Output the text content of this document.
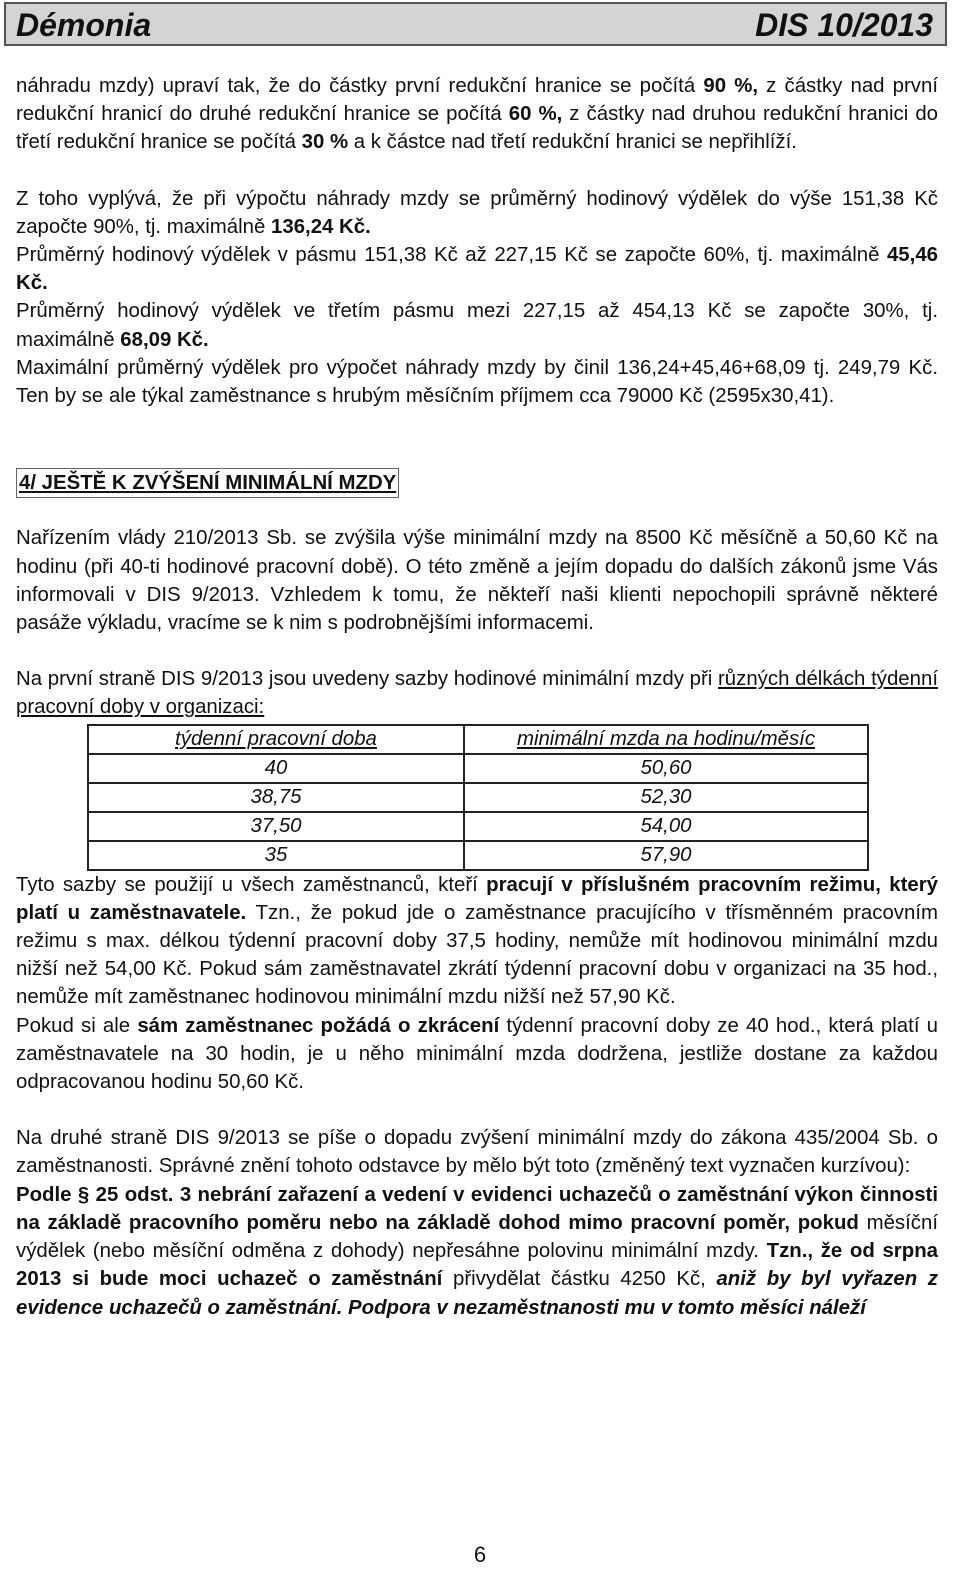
Démonia	DIS 10/2013

náhradu mzdy) upraví tak, že do částky první redukční hranice se počítá 90 %, z částky nad první redukční hranicí do druhé redukční hranice se počítá 60 %, z částky nad druhou redukční hranici do třetí redukční hranice se počítá 30 % a k částce nad třetí redukční hranici se nepřihlíží.

Z toho vyplývá, že při výpočtu náhrady mzdy se průměrný hodinový výdělek do výše 151,38 Kč započte 90%, tj. maximálně 136,24 Kč.

Průměrný hodinový výdělek v pásmu 151,38 Kč až 227,15 Kč se započte 60%, tj. maximálně 45,46 Kč.

Průměrný hodinový výdělek ve třetím pásmu mezi 227,15 až 454,13 Kč se započte 30%, tj. maximálně 68,09 Kč.

Maximální průměrný výdělek pro výpočet náhrady mzdy by činil 136,24+45,46+68,09 tj. 249,79 Kč. Ten by se ale týkal zaměstnance s hrubým měsíčním příjmem cca 79000 Kč (2595x30,41).

4/ JEŠTĚ K ZVÝŠENÍ MINIMÁLNÍ MZDY

Nařízením vlády 210/2013 Sb. se zvýšila výše minimální mzdy na 8500 Kč měsíčně a 50,60 Kč na hodinu (při 40-ti hodinové pracovní době). O této změně a jejím dopadu do dalších zákonů jsme Vás informovali v DIS 9/2013. Vzhledem k tomu, že někteří naši klienti nepochopili správně některé pasáže výkladu, vracíme se k nim s podrobnějšími informacemi.

Na první straně DIS 9/2013 jsou uvedeny sazby hodinové minimální mzdy při různých délkách týdenní pracovní doby v organizaci:

týdenní pracovní doba	minimální mzda na hodinu/měsíc
40	50,60
38,75	52,30
37,50	54,00
35	57,90

Tyto sazby se použijí u všech zaměstnanců, kteří pracují v příslušném pracovním režimu, který platí u zaměstnavatele. Tzn., že pokud jde o zaměstnance pracujícího v třísměnném pracovním režimu s max. délkou týdenní pracovní doby 37,5 hodiny, nemůže mít hodinovou minimální mzdu nižší než 54,00 Kč. Pokud sám zaměstnavatel zkrátí týdenní pracovní dobu v organizaci na 35 hod., nemůže mít zaměstnanec hodinovou minimální mzdu nižší než 57,90 Kč.

Pokud si ale sám zaměstnanec požádá o zkrácení týdenní pracovní doby ze 40 hod., která platí u zaměstnavatele na 30 hodin, je u něho minimální mzda dodržena, jestliže dostane za každou odpracovanou hodinu 50,60 Kč.

Na druhé straně DIS 9/2013 se píše o dopadu zvýšení minimální mzdy do zákona 435/2004 Sb. o zaměstnanosti. Správné znění tohoto odstavce by mělo být toto (změněný text vyznačen kurzívou):

Podle § 25 odst. 3 nebrání zařazení a vedení v evidenci uchazečů o zaměstnání výkon činnosti na základě pracovního poměru nebo na základě dohod mimo pracovní poměr, pokud měsíční výdělek (nebo měsíční odměna z dohody) nepřesáhne polovinu minimální mzdy. Tzn., že od srpna 2013 si bude moci uchazeč o zaměstnání přivydělat částku 4250 Kč, aniž by byl vyřazen z evidence uchazečů o zaměstnání. Podpora v nezaměstnanosti mu v tomto měsíci náleží

6
